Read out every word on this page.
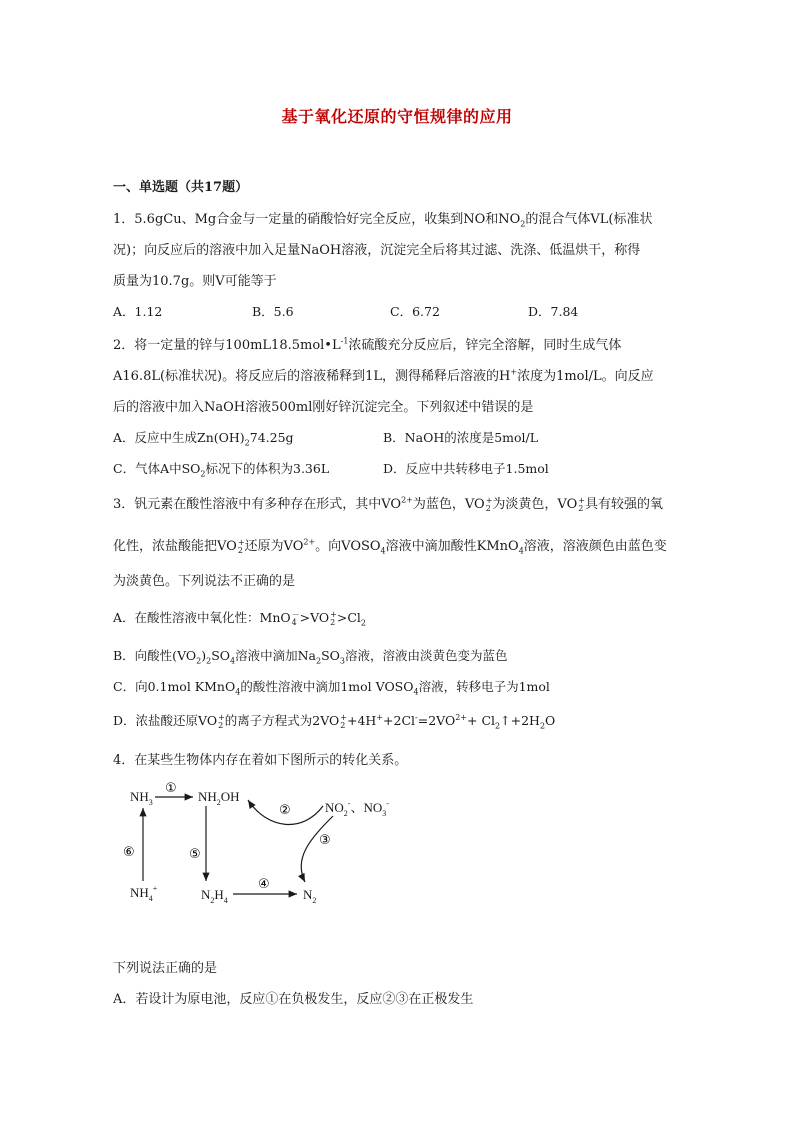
基于氧化还原的守恒规律的应用
一、单选题（共17题）
1．5.6gCu、Mg合金与一定量的硝酸恰好完全反应，收集到NO和$NO_2$的混合气体VL(标准状
况)；向反应后的溶液中加入足量NaOH溶液，沉淀完全后将其过滤、洗涤、低温烘干，称得
质量为10.7g。则V可能等于
A．1.12	B．5.6	C．6.72	D．7.84
2．将一定量的锌与$100mL18.5mol•L^{-1}$浓硫酸充分反应后，锌完全溶解，同时生成气体
A16.8L(标准状况)。将反应后的溶液稀释到1L，测得稀释后溶液的H+浓度为1mol/L。向反应
后的溶液中加入NaOH溶液500ml刚好锌沉淀完全。下列叙述中错误的是
A．反应中生成$Zn(OH)_274.25g$	B．NaOH的浓度是5mol/L
C．气体A中$SO_2$标况下的体积为3.36L	D．反应中共转移电子1.5mol
3．钒元素在酸性溶液中有多种存在形式，其中$VO^{2+}$为蓝色，VO +
2 为淡黄色，VO +
2 具有较强的氧
化性，浓盐酸能把VO +
2 还原为$VO^{2+}$。向$VOSO_4$溶液中滴加酸性KMnO$_4$溶液，溶液颜色由蓝色变
为淡黄色。下列说法不正确的是
A．在酸性溶液中氧化性：MnO －
4 >VO +
$2 >Cl_2$
B．向酸性$(VO_2)_2SO_4$溶液中滴加$Na_2SO_3$溶液，溶液由淡黄色变为蓝色
C．向0.1mol KMnO$_4$的酸性溶液中滴加1mol $VOSO_4$溶液，转移电子为1mol
D．浓盐酸还原VO +
2 的离子方程式为2VO +
$2 +4H^++2Cl^-=2VO^{2+}+$ $Cl_2↑+2H_2O$
4．在某些生物体内存在着如下图所示的转化关系。
$NH_3$	$NH_2OH$
$NO_2^-$、$NO_3^-$
$NH_4^+$	$N_2H_4$	$N_2$
①
②
③
④
⑤
⑥
下列说法正确的是
A．若设计为原电池，反应①在负极发生，反应②③在正极发生
